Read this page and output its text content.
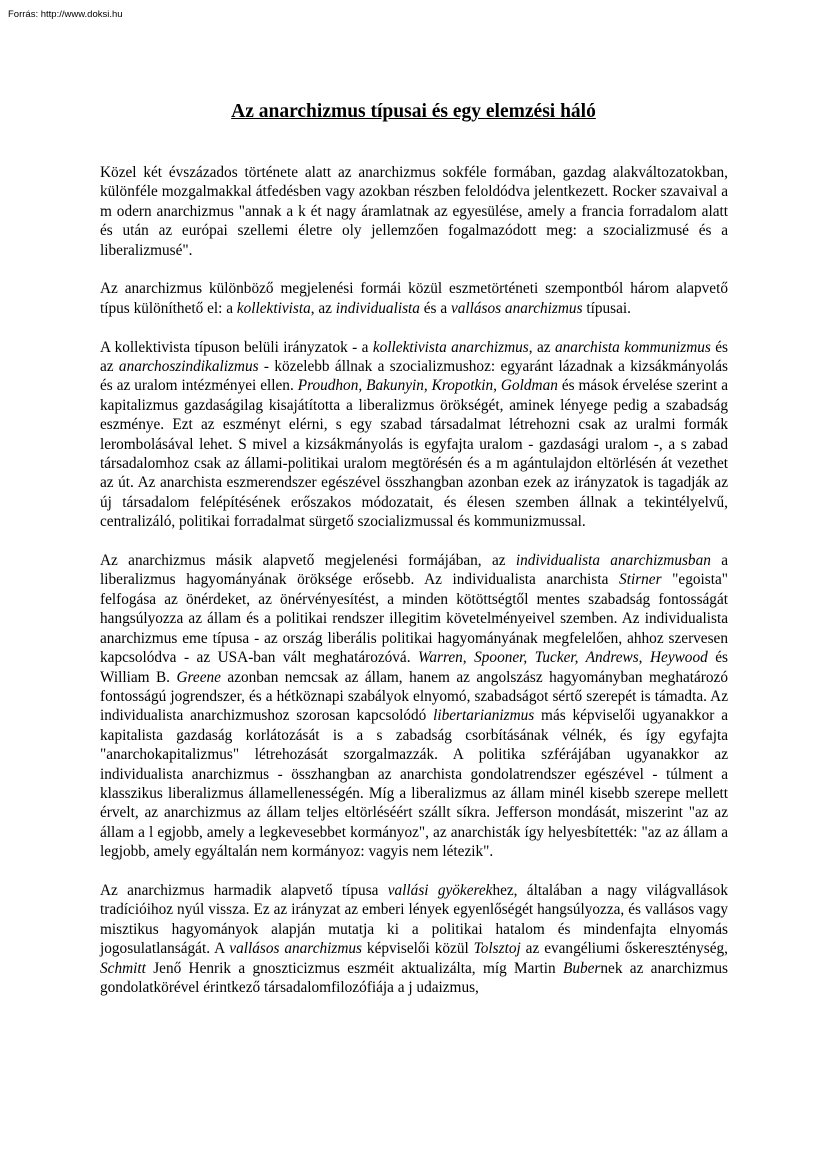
Forrás: http://www.doksi.hu
Az anarchizmus típusai és egy elemzési háló

Közel két évszázados története alatt az anarchizmus sokféle formában, gazdag alakváltozatokban, különféle mozgalmakkal átfedésben vagy azokban részben feloldódva jelentkezett. Rocker szavaival a m odern anarchizmus "annak a k ét nagy áramlatnak az egyesülése, amely a francia forradalom alatt és után az európai szellemi életre oly jellemzően fogalmazódott meg: a szocializmusé és a liberalizmusé".

Az anarchizmus különböző megjelenési formái közül eszmetörténeti szempontból három alapvető típus különíthető el: a kollektivista, az individualista és a vallásos anarchizmus típusai.

A kollektivista típuson belüli irányzatok - a kollektivista anarchizmus, az anarchista kommunizmus és az anarchoszindikalizmus - közelebb állnak a szocializmushoz: egyaránt lázadnak a kizsákmányolás és az uralom intézményei ellen. Proudhon, Bakunyin, Kropotkin, Goldman és mások érvelése szerint a kapitalizmus gazdaságilag kisajátította a liberalizmus örökségét, aminek lényege pedig a szabadság eszménye. Ezt az eszményt elérni, s egy szabad társadalmat létrehozni csak az uralmi formák lerombolásával lehet. S mivel a kizsákmányolás is egyfajta uralom - gazdasági uralom -, a s zabad társadalomhoz csak az állami-politikai uralom megtörésén és a m agántulajdon eltörlésén át vezethet az út. Az anarchista eszmerendszer egészével összhangban azonban ezek az irányzatok is tagadják az új társadalom felépítésének erőszakos módozatait, és élesen szemben állnak a tekintélyelvű, centralizáló, politikai forradalmat sürgető szocializmussal és kommunizmussal.

Az anarchizmus másik alapvető megjelenési formájában, az individualista anarchizmusban a liberalizmus hagyományának öröksége erősebb. Az individualista anarchista Stirner "egoista" felfogása az önérdeket, az önérvényesítést, a minden kötöttségtől mentes szabadság fontosságát hangsúlyozza az állam és a politikai rendszer illegitim követelményeivel szemben. Az individualista anarchizmus eme típusa - az ország liberális politikai hagyományának megfelelően, ahhoz szervesen kapcsolódva - az USA-ban vált meghatározóvá. Warren, Spooner, Tucker, Andrews, Heywood és William B. Greene azonban nemcsak az állam, hanem az angolszász hagyományban meghatározó fontosságú jogrendszer, és a hétköznapi szabályok elnyomó, szabadságot sértő szerepét is támadta. Az individualista anarchizmushoz szorosan kapcsolódó libertarianizmus más képviselői ugyanakkor a kapitalista gazdaság korlátozását is a s zabadság csorbításának vélnék, és így egyfajta "anarchokapitalizmus" létrehozását szorgalmazzák. A politika szférájában ugyanakkor az individualista anarchizmus - összhangban az anarchista gondolatrendszer egészével - túlment a klasszikus liberalizmus államellenességén. Míg a liberalizmus az állam minél kisebb szerepe mellett érvelt, az anarchizmus az állam teljes eltörléséért szállt síkra. Jefferson mondását, miszerint "az az állam a l egjobb, amely a legkevesebbet kormányoz", az anarchisták így helyesbítették: "az az állam a legjobb, amely egyáltalán nem kormányoz: vagyis nem létezik".

Az anarchizmus harmadik alapvető típusa vallási gyökerekhez, általában a nagy világvallások tradícióihoz nyúl vissza. Ez az irányzat az emberi lények egyenlőségét hangsúlyozza, és vallásos vagy misztikus hagyományok alapján mutatja ki a politikai hatalom és mindenfajta elnyomás jogosulatlanságát. A vallásos anarchizmus képviselői közül Tolsztoj az evangéliumi őskereszténység, Schmitt Jenő Henrik a gnoszticizmus eszméit aktualizálta, míg Martin Bubernek az anarchizmus gondolatkörével érintkező társadalomfilozófiája a j udaizmus,
